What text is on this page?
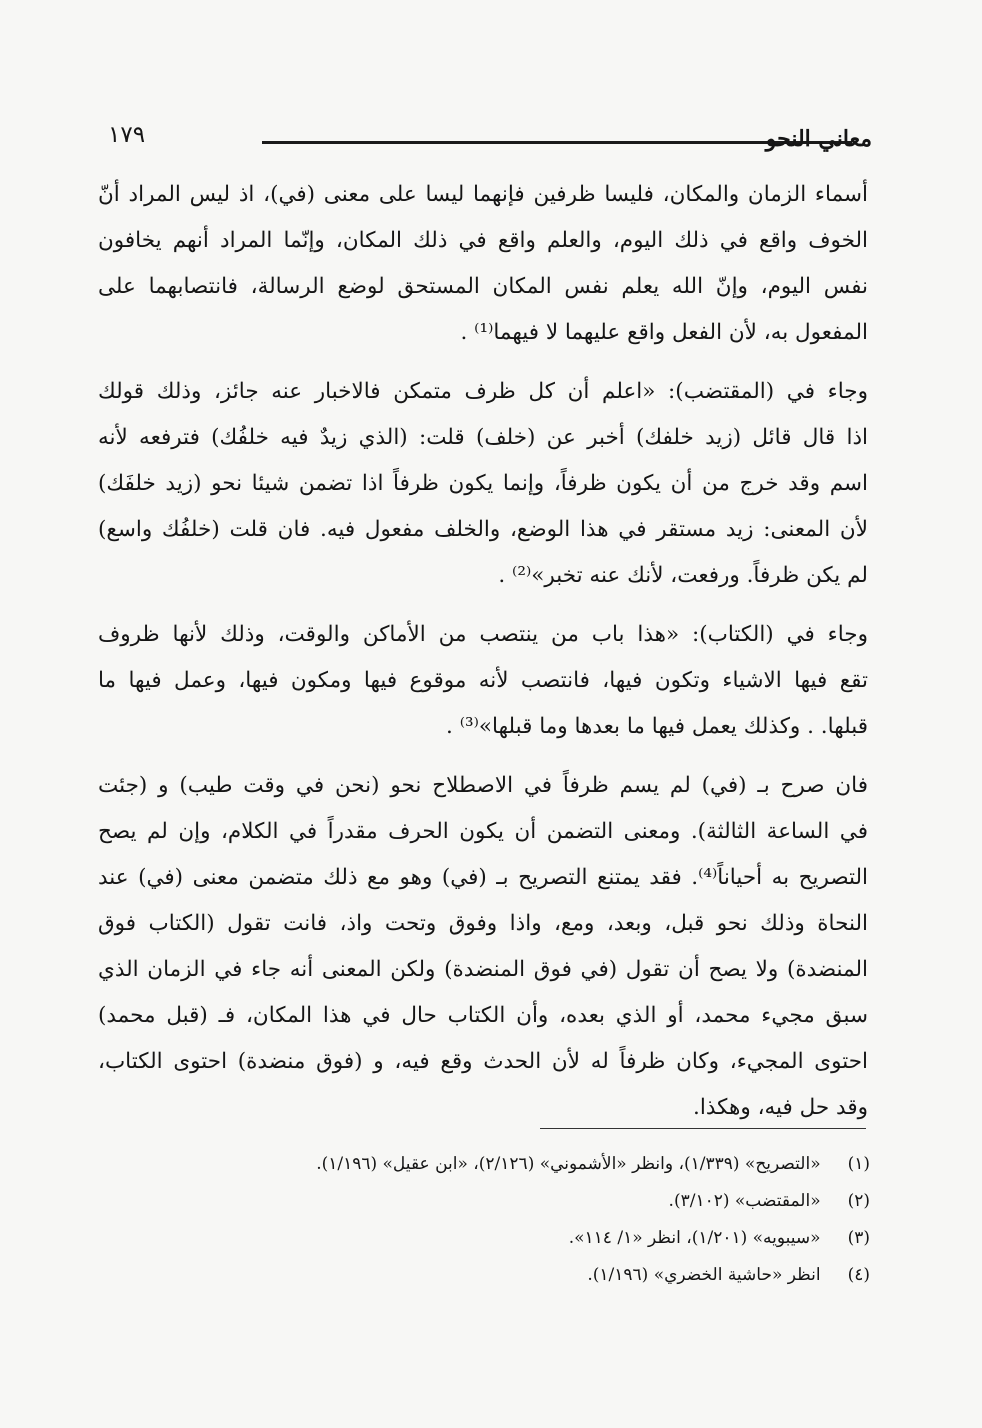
١٧٩	معاني النحو
أسماء الزمان والمكان، فليسا ظرفين فإنهما ليسا على معنى (في)، اذ ليس المراد أنّ
الخوف واقع في ذلك اليوم، والعلم واقع في ذلك المكان، وإنّما المراد أنهم يخافون
نفس اليوم، وإنّ الله يعلم نفس المكان المستحق لوضع الرسالة، فانتصابهما على
المفعول به، لأن الفعل واقع عليهما لا فيهما⁽¹⁾ .
وجاء في (المقتضب): «اعلم أن كل ظرف متمكن فالاخبار عنه جائز، وذلك قولك
اذا قال قائل (زيد خلفك) أخبر عن (خلف) قلت: (الذي زيدٌ فيه خلفُك) فترفعه لأنه
اسم وقد خرج من أن يكون ظرفاً، وإنما يكون ظرفاً اذا تضمن شيئا نحو (زيد خلفَك)
لأن المعنى: زيد مستقر في هذا الوضع، والخلف مفعول فيه. فان قلت (خلفُك واسع)
لم يكن ظرفاً. ورفعت، لأنك عنه تخبر»⁽²⁾ .
وجاء في (الكتاب): «هذا باب من ينتصب من الأماكن والوقت، وذلك لأنها ظروف
تقع فيها الاشياء وتكون فيها، فانتصب لأنه موقوع فيها ومكون فيها، وعمل فيها ما
قبلها. . وكذلك يعمل فيها ما بعدها وما قبلها»⁽³⁾ .
فان صرح بـ (في) لم يسم ظرفاً في الاصطلاح نحو (نحن في وقت طيب) و (جئت
في الساعة الثالثة). ومعنى التضمن أن يكون الحرف مقدراً في الكلام، وإن لم يصح
التصريح به أحياناً⁽⁴⁾. فقد يمتنع التصريح بـ (في) وهو مع ذلك متضمن معنى (في) عند
النحاة وذلك نحو قبل، وبعد، ومع، واذا وفوق وتحت واذ، فانت تقول (الكتاب فوق
المنضدة) ولا يصح أن تقول (في فوق المنضدة) ولكن المعنى أنه جاء في الزمان الذي
سبق مجيء محمد، أو الذي بعده، وأن الكتاب حال في هذا المكان، فـ (قبل محمد)
احتوى المجيء، وكان ظرفاً له لأن الحدث وقع فيه، و (فوق منضدة) احتوى الكتاب،
وقد حل فيه، وهكذا.
(١) «التصريح» (١/٣٣٩)، وانظر «الأشموني» (٢/١٢٦)، «ابن عقيل» (١/١٩٦).
(٢) «المقتضب» (٣/١٠٢).
(٣) «سيبويه» (١/٢٠١)، انظر «١/ ١١٤».
(٤) انظر «حاشية الخضري» (١/١٩٦).
